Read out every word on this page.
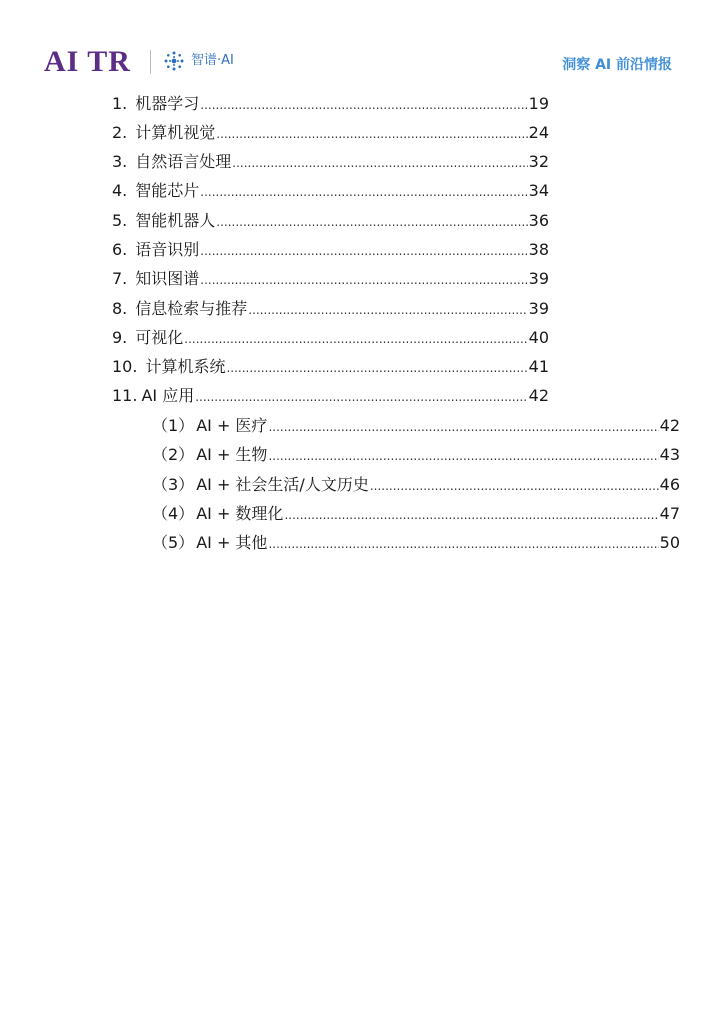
AI TR	智谱·AI	洞察 AI 前沿情报
1. 机器学习 .....	19
2. 计算机视觉 .....	24
3. 自然语言处理 .....	32
4. 智能芯片 .....	34
5. 智能机器人 .....	36
6. 语音识别 .....	38
7. 知识图谱 .....	39
8. 信息检索与推荐 .....	39
9. 可视化 .....	40
10. 计算机系统 .....	41
11. AI 应用 .....	42
（1） AI + 医疗 .....	42
（2） AI + 生物 .....	43
（3） AI + 社会生活/人文历史 .....	46
（4） AI + 数理化 .....	47
（5） AI + 其他 .....	50
